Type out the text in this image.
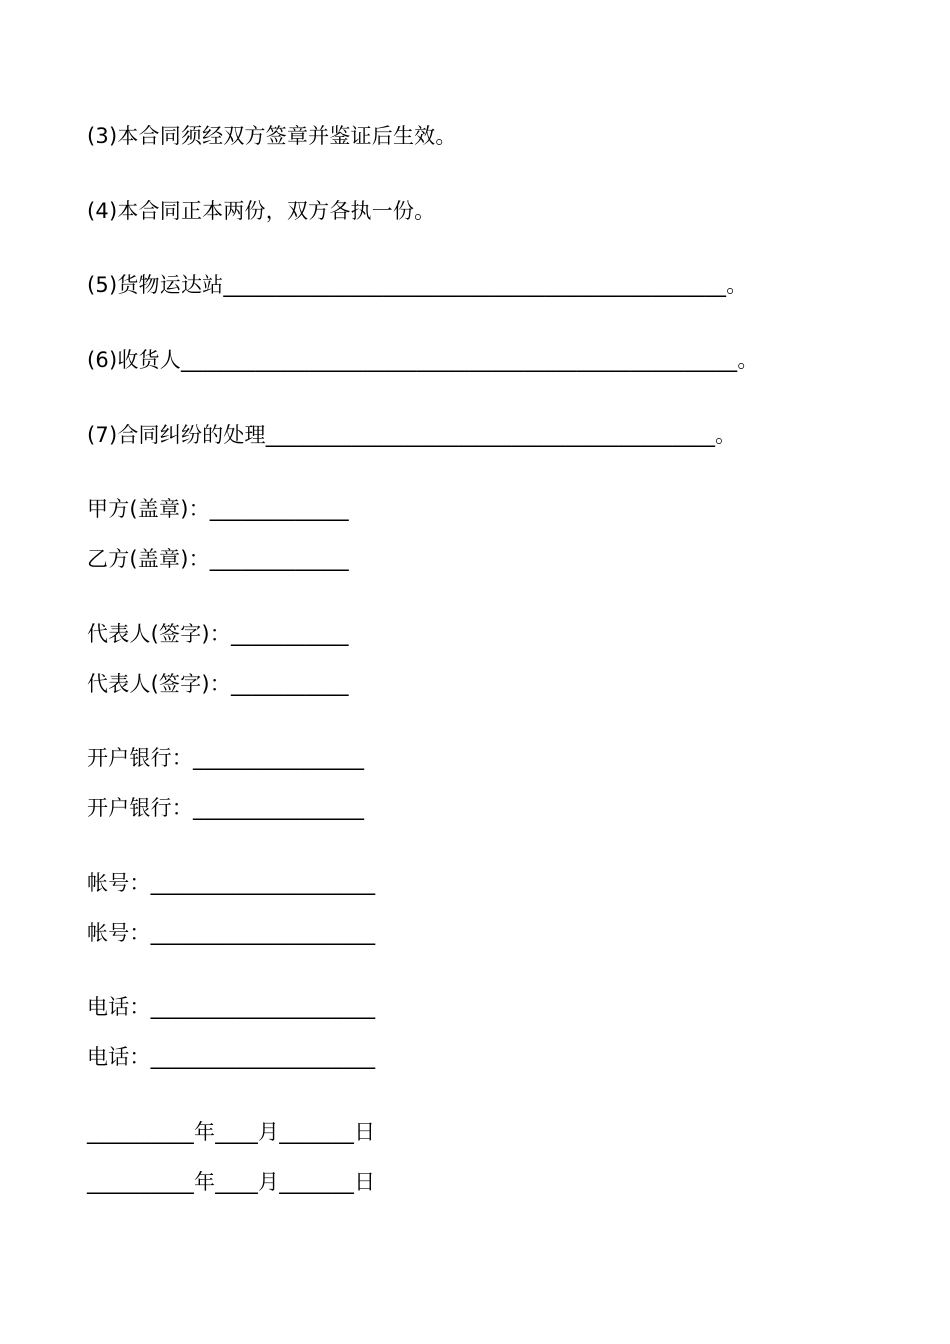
(3)本合同须经双方签章并鉴证后生效。
(4)本合同正本两份，双方各执一份。
(5)货物运达站_______________________________________________。
(6)收货人____________________________________________________。
(7)合同纠纷的处理__________________________________________。
甲方(盖章)：_____________
乙方(盖章)：_____________
代表人(签字)：___________
代表人(签字)：___________
开户银行：________________
开户银行：________________
帐号：_____________________
帐号：_____________________
电话：_____________________
电话：_____________________
__________年____月_______日
__________年____月_______日
